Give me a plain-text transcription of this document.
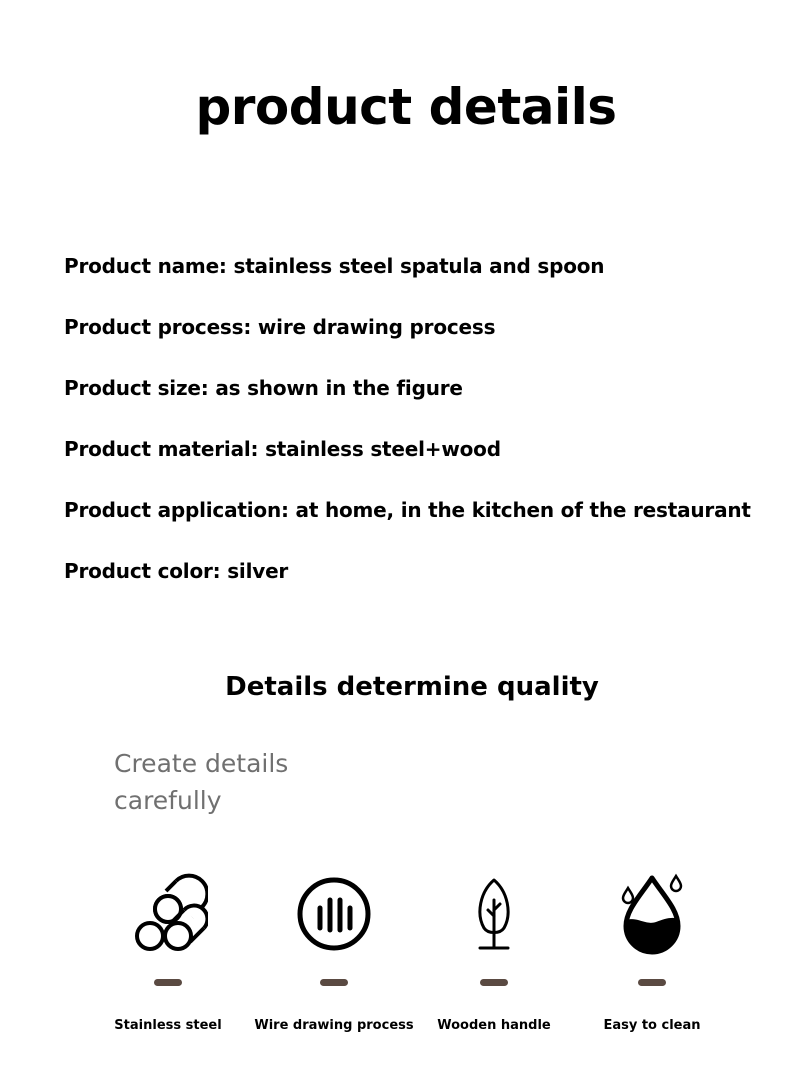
product details
Product name: stainless steel spatula and spoon
Product process: wire drawing process
Product size: as shown in the figure
Product material: stainless steel+wood
Product application: at home, in the kitchen of the restaurant
Product color: silver
Details determine quality
Create details
carefully
Stainless steel	Wire drawing process	Wooden handle	Easy to clean
